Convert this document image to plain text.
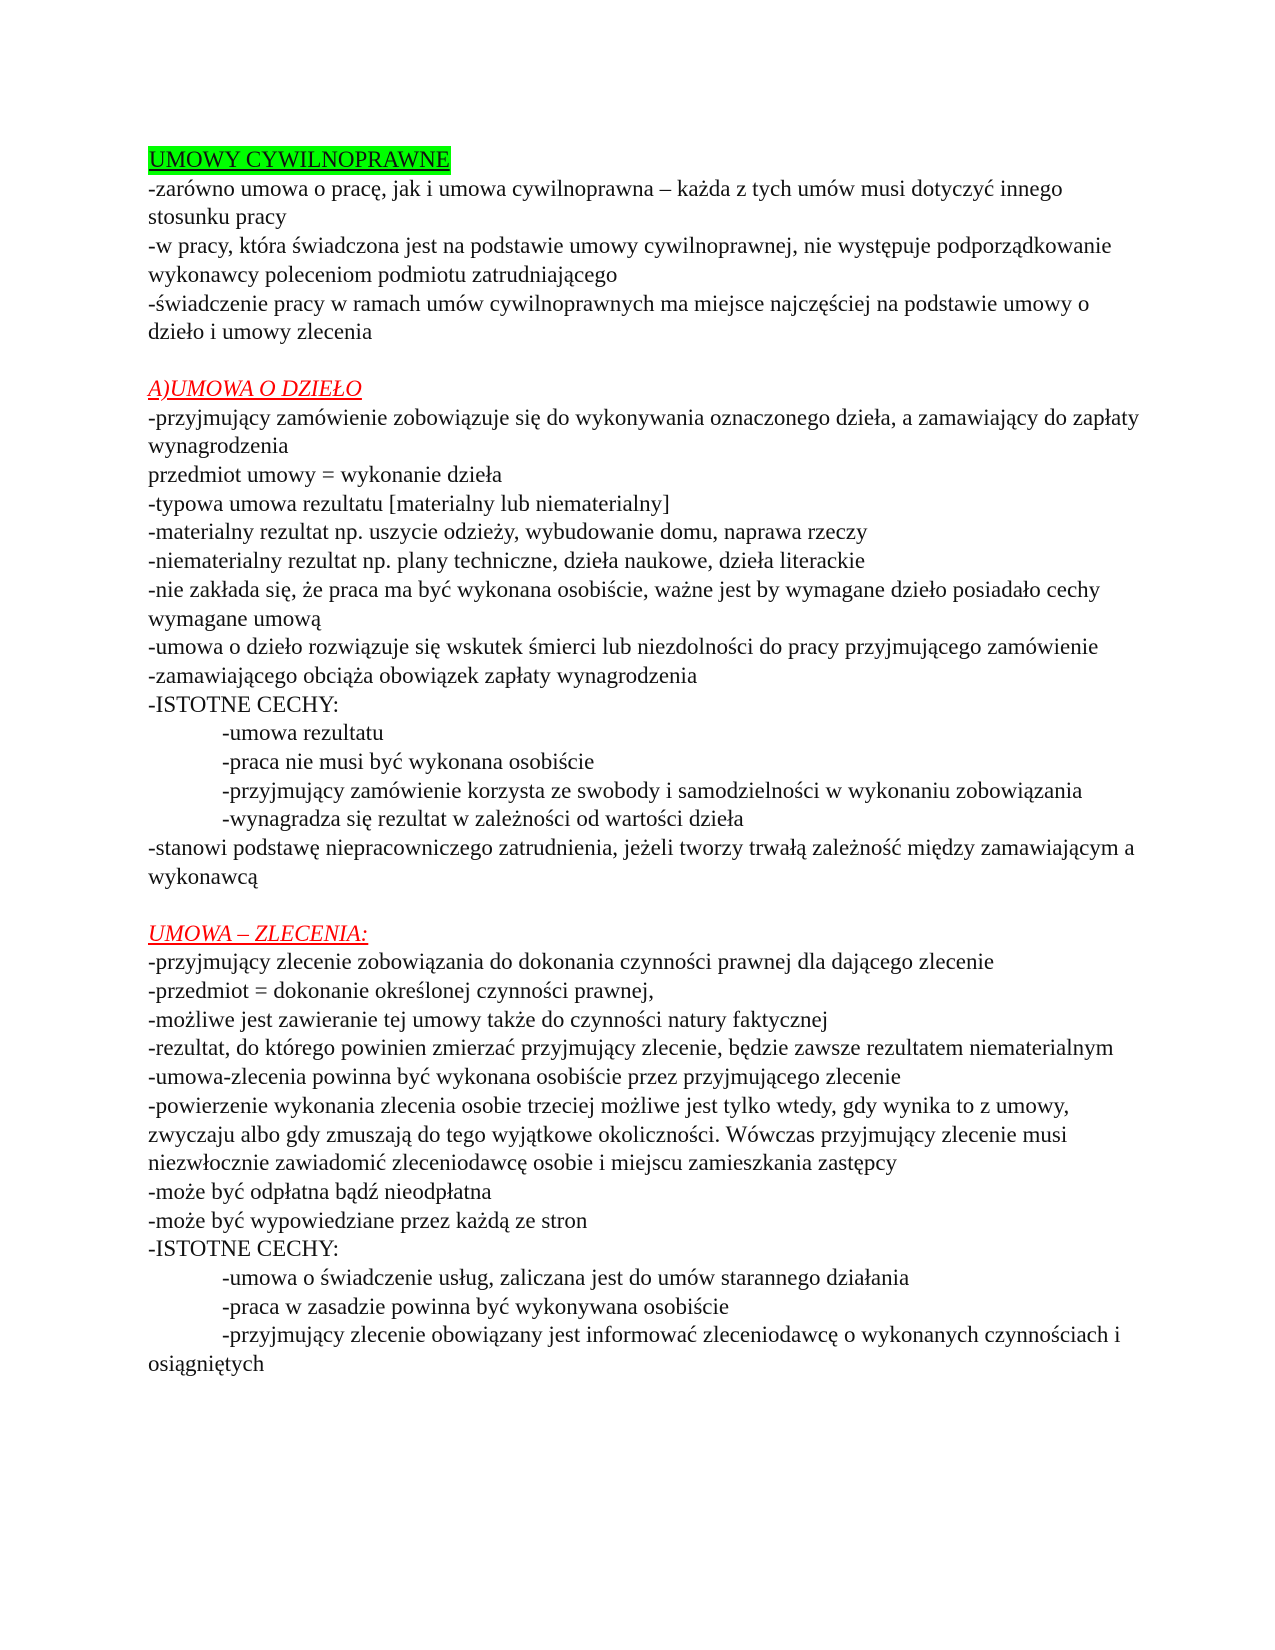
UMOWY CYWILNOPRAWNE

-zarówno umowa o pracę, jak i umowa cywilnoprawna – każda z tych umów musi dotyczyć innego stosunku pracy

-w pracy, która świadczona jest na podstawie umowy cywilnoprawnej, nie występuje podporządkowanie wykonawcy poleceniom podmiotu zatrudniającego

-świadczenie pracy w ramach umów cywilnoprawnych ma miejsce najczęściej na podstawie umowy o dzieło i umowy zlecenia

A)UMOWA O DZIEŁO

-przyjmujący zamówienie zobowiązuje się do wykonywania oznaczonego dzieła, a zamawiający do zapłaty wynagrodzenia

przedmiot umowy = wykonanie dzieła

-typowa umowa rezultatu [materialny lub niematerialny]

-materialny rezultat np. uszycie odzieży, wybudowanie domu, naprawa rzeczy

-niematerialny rezultat np. plany techniczne, dzieła naukowe, dzieła literackie

-nie zakłada się, że praca ma być wykonana osobiście, ważne jest by wymagane dzieło posiadało cechy wymagane umową

-umowa o dzieło rozwiązuje się wskutek śmierci lub niezdolności do pracy przyjmującego zamówienie

-zamawiającego obciąża obowiązek zapłaty wynagrodzenia

-ISTOTNE CECHY:

-umowa rezultatu

-praca nie musi być wykonana osobiście

-przyjmujący zamówienie korzysta ze swobody i samodzielności w wykonaniu zobowiązania

-wynagradza się rezultat w zależności od wartości dzieła

-stanowi podstawę niepracowniczego zatrudnienia, jeżeli tworzy trwałą zależność między zamawiającym a wykonawcą

UMOWA – ZLECENIA:

-przyjmujący zlecenie zobowiązania do dokonania czynności prawnej dla dającego zlecenie

-przedmiot = dokonanie określonej czynności prawnej,

-możliwe jest zawieranie tej umowy także do czynności natury faktycznej

-rezultat, do którego powinien zmierzać przyjmujący zlecenie, będzie zawsze rezultatem niematerialnym

-umowa-zlecenia powinna być wykonana osobiście przez przyjmującego zlecenie

-powierzenie wykonania zlecenia osobie trzeciej możliwe jest tylko wtedy, gdy wynika to z umowy, zwyczaju albo gdy zmuszają do tego wyjątkowe okoliczności. Wówczas przyjmujący zlecenie musi niezwłocznie zawiadomić zleceniodawcę osobie i miejscu zamieszkania zastępcy

-może być odpłatna bądź nieodpłatna

-może być wypowiedziane przez każdą ze stron

-ISTOTNE CECHY:

-umowa o świadczenie usług, zaliczana jest do umów starannego działania

-praca w zasadzie powinna być wykonywana osobiście

-przyjmujący zlecenie obowiązany jest informować zleceniodawcę o wykonanych czynnościach i osiągniętych
